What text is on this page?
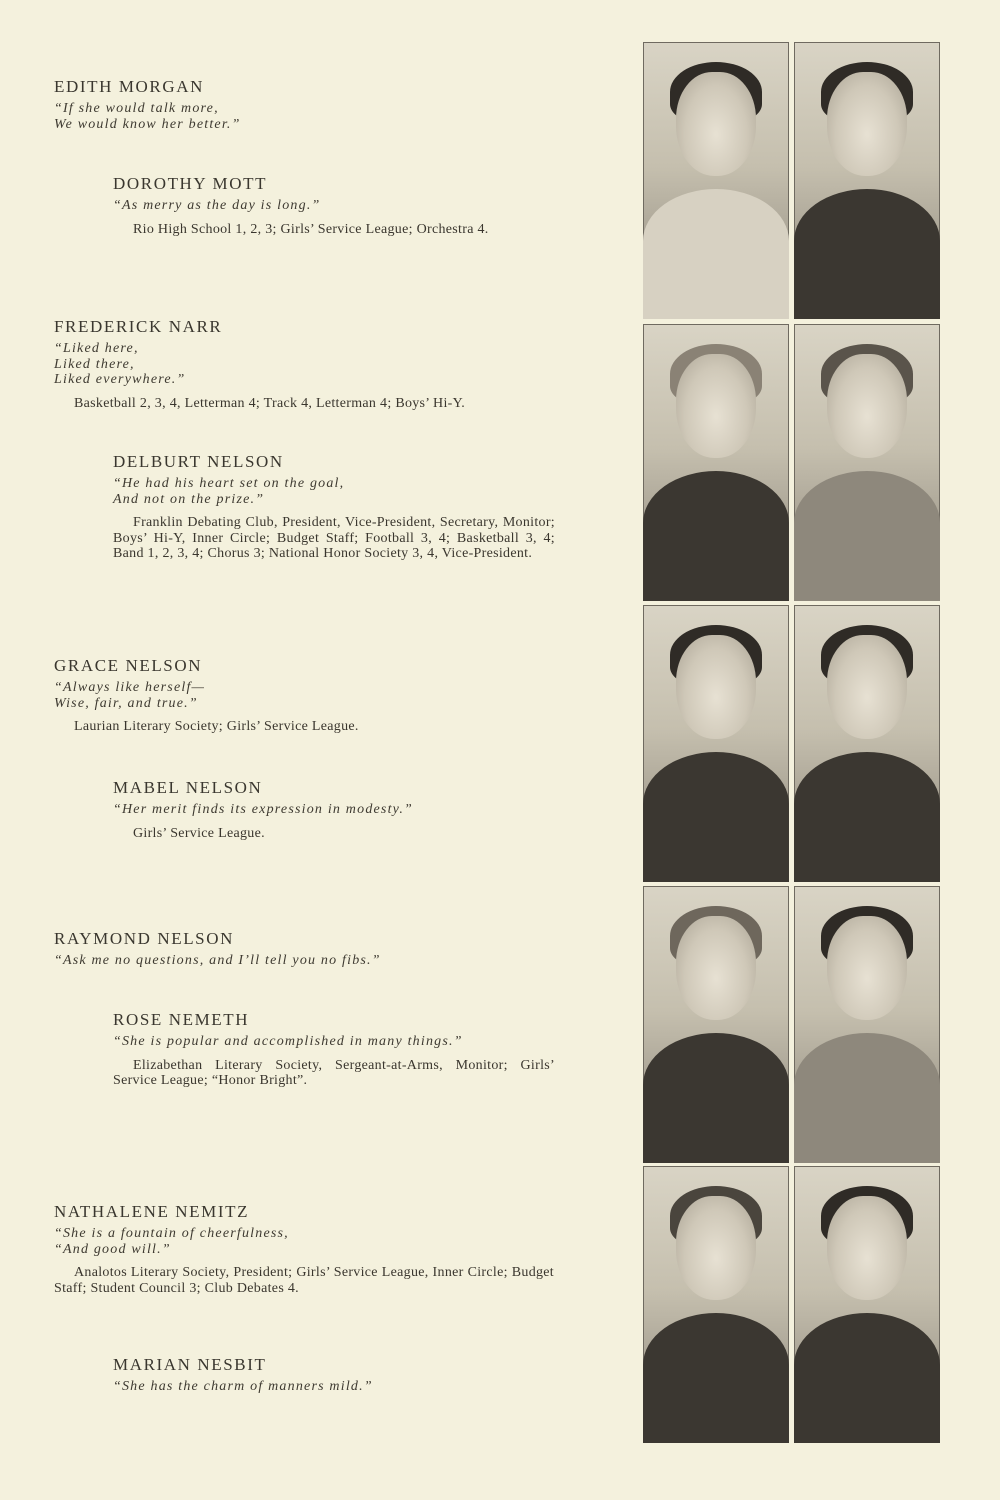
EDITH MORGAN
“If she would talk more,
We would know her better.”
DOROTHY MOTT
“As merry as the day is long.”
Rio High School 1, 2, 3; Girls’ Service League; Orchestra 4.
FREDERICK NARR
“Liked here,
Liked there,
Liked everywhere.”
Basketball 2, 3, 4, Letterman 4; Track 4, Letterman 4; Boys’ Hi-Y.
DELBURT NELSON
“He had his heart set on the goal,
And not on the prize.”
Franklin Debating Club, President, Vice-President, Secretary, Monitor; Boys’ Hi-Y, Inner Circle; Budget Staff; Football 3, 4; Basketball 3, 4; Band 1, 2, 3, 4; Chorus 3; National Honor Society 3, 4, Vice-President.
GRACE NELSON
“Always like herself—
Wise, fair, and true.”
Laurian Literary Society; Girls’ Service League.
MABEL NELSON
“Her merit finds its expression in modesty.”
Girls’ Service League.
RAYMOND NELSON
“Ask me no questions, and I’ll tell you no fibs.”
ROSE NEMETH
“She is popular and accomplished in many things.”
Elizabethan Literary Society, Sergeant-at-Arms, Monitor; Girls’ Service League; “Honor Bright”.
NATHALENE NEMITZ
“She is a fountain of cheerfulness,
“And good will.”
Analotos Literary Society, President; Girls’ Service League, Inner Circle; Budget Staff; Student Council 3; Club Debates 4.
MARIAN NESBIT
“She has the charm of manners mild.”
